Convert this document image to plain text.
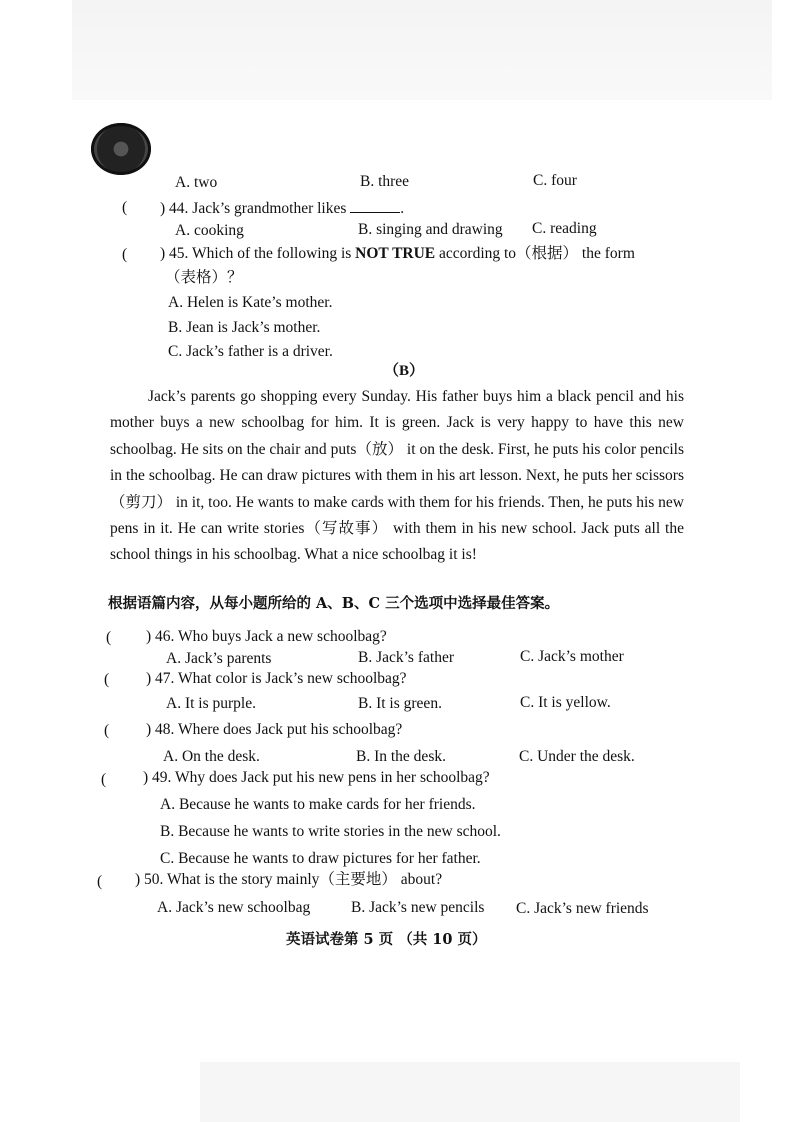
A. two	B. three	C. four
( ) 44. Jack’s grandmother likes	.
A. cooking	B. singing and drawing C. reading
( ) 45. Which of the following is NOT TRUE according to（根据） the form
（表格）？
A. Helen is Kate’s mother.
B. Jean is Jack’s mother.
C. Jack’s father is a driver.
（B）
Jack’s parents go shopping every Sunday. His father buys him a black pencil and his mother buys a new schoolbag for him. It is green. Jack is very happy to have this new schoolbag. He sits on the chair and puts（放） it on the desk. First, he puts his color pencils in the schoolbag. He can draw pictures with them in his art lesson. Next, he puts her scissors（剪刀） in it, too. He wants to make cards with them for his friends. Then, he puts his new pens in it. He can write stories（写故事） with them in his new school. Jack puts all the school things in his schoolbag. What a nice schoolbag it is!
根据语篇内容，从每小题所给的 A、B、C 三个选项中选择最佳答案。
( ) 46. Who buys Jack a new schoolbag?
A. Jack’s parents	B. Jack’s father	C. Jack’s mother
( ) 47. What color is Jack’s new schoolbag?
A. It is purple.	B. It is green.	C. It is yellow.
( ) 48. Where does Jack put his schoolbag?
A. On the desk.	B. In the desk.	C. Under the desk.
( ) 49. Why does Jack put his new pens in her schoolbag?
A. Because he wants to make cards for her friends.
B. Because he wants to write stories in the new school.
C. Because he wants to draw pictures for her father.
( ) 50. What is the story mainly（主要地） about?
A. Jack’s new schoolbag	B. Jack’s new pencils C. Jack’s new friends
英语试卷第 5 页 （共 10 页）
